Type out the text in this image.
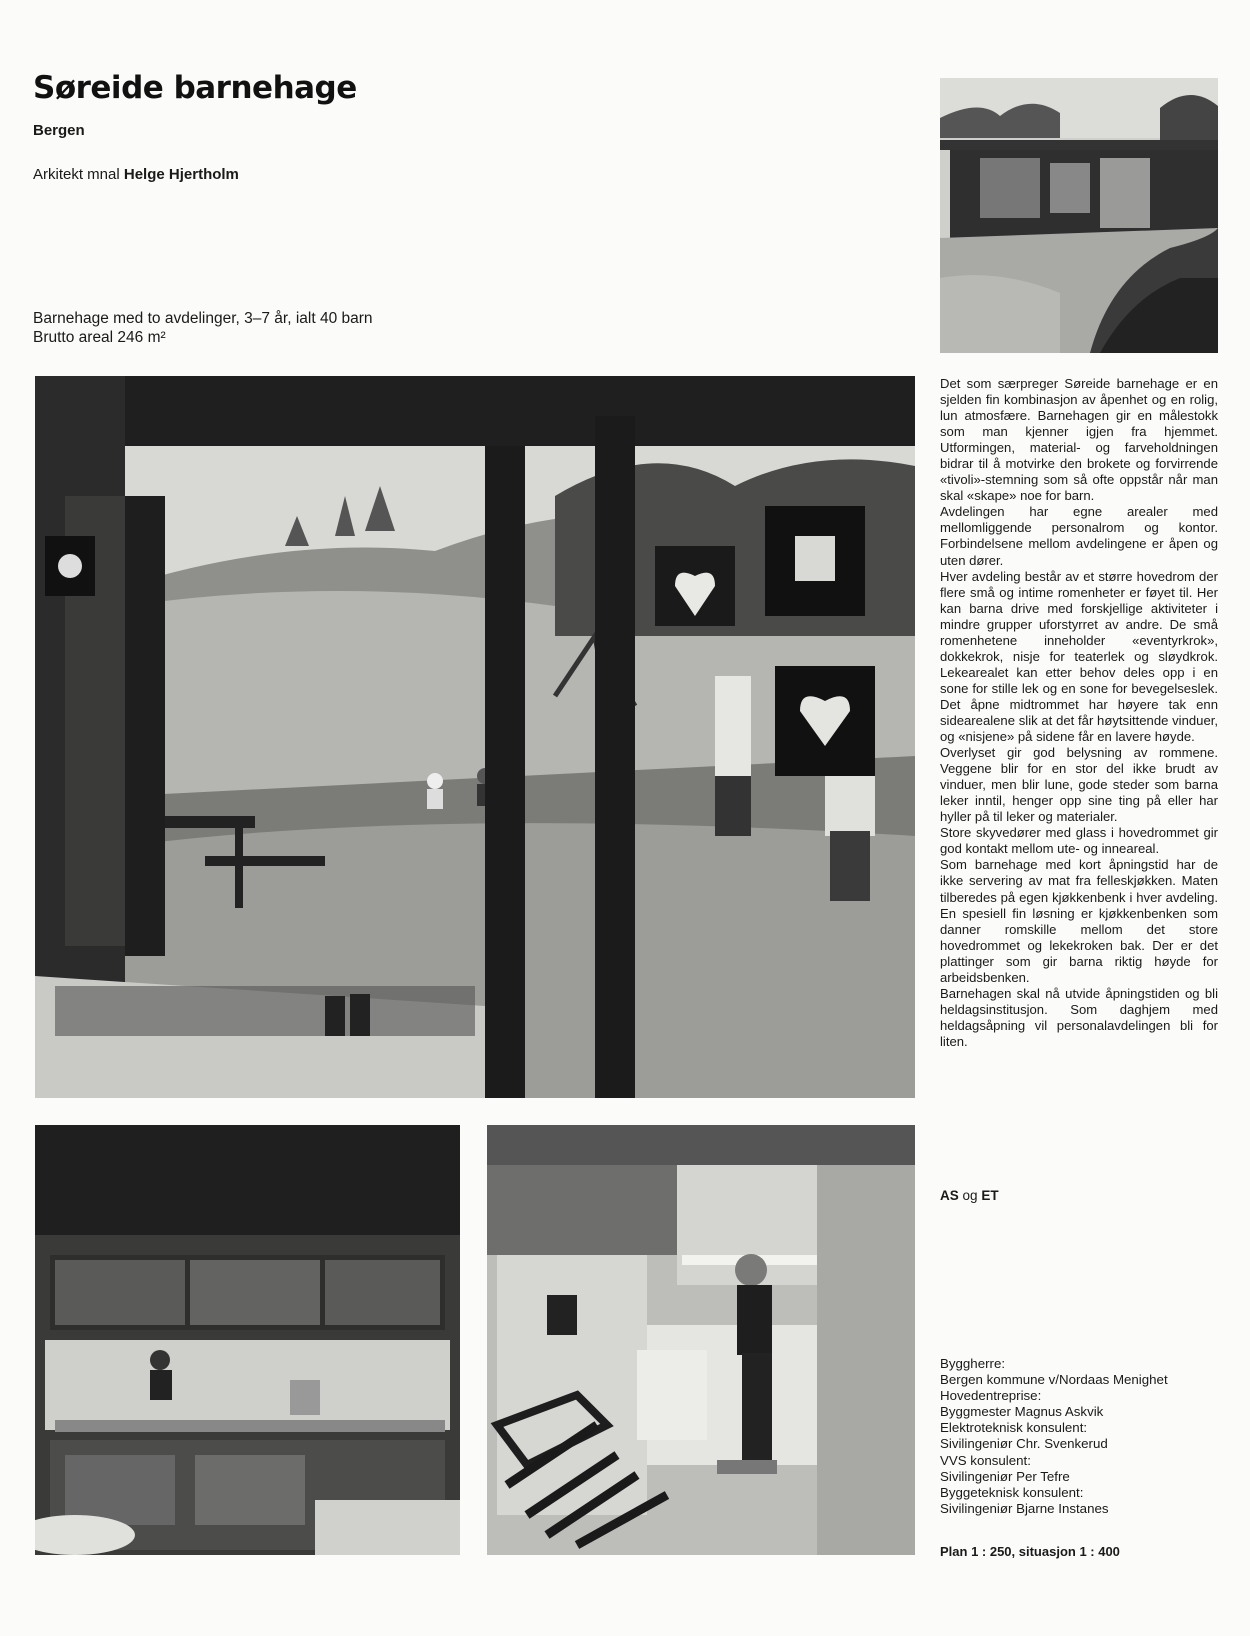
Søreide barnehage
Bergen
Arkitekt mnal Helge Hjertholm
Barnehage med to avdelinger, 3–7 år, ialt 40 barn
Brutto areal 246 m²

Det som særpreger Søreide barnehage er en sjelden fin kombinasjon av åpenhet og en rolig, lun atmosfære. Barnehagen gir en målestokk som man kjenner igjen fra hjemmet. Utformingen, material- og farveholdningen bidrar til å motvirke den brokete og forvirrende «tivoli»-stemning som så ofte oppstår når man skal «skape» noe for barn.

Avdelingen har egne arealer med mellomliggende personalrom og kontor. Forbindelsene mellom avdelingene er åpen og uten dører.

Hver avdeling består av et større hovedrom der flere små og intime romenheter er føyet til. Her kan barna drive med forskjellige aktiviteter i mindre grupper uforstyrret av andre. De små romenhetene inneholder «eventyrkrok», dokkekrok, nisje for teaterlek og sløydkrok. Lekearealet kan etter behov deles opp i en sone for stille lek og en sone for bevegelseslek. Det åpne midtrommet har høyere tak enn sidearealene slik at det får høytsittende vinduer, og «nisjene» på sidene får en lavere høyde.

Overlyset gir god belysning av rommene. Veggene blir for en stor del ikke brudt av vinduer, men blir lune, gode steder som barna leker inntil, henger opp sine ting på eller har hyller på til leker og materialer.

Store skyvedører med glass i hovedrommet gir god kontakt mellom ute- og inneareal.

Som barnehage med kort åpningstid har de ikke servering av mat fra felleskjøkken. Maten tilberedes på egen kjøkkenbenk i hver avdeling. En spesiell fin løsning er kjøkkenbenken som danner romskille mellom det store hovedrommet og lekekroken bak. Der er det plattinger som gir barna riktig høyde for arbeidsbenken.

Barnehagen skal nå utvide åpningstiden og bli heldagsinstitusjon. Som daghjem med heldagsåpning vil personalavdelingen bli for liten.

AS og ET
Byggherre:
Bergen kommune v/Nordaas Menighet
Hovedentreprise:
Byggmester Magnus Askvik
Elektroteknisk konsulent:
Sivilingeniør Chr. Svenkerud
VVS konsulent:
Sivilingeniør Per Tefre
Byggeteknisk konsulent:
Sivilingeniør Bjarne Instanes
Plan 1 : 250, situasjon 1 : 400
